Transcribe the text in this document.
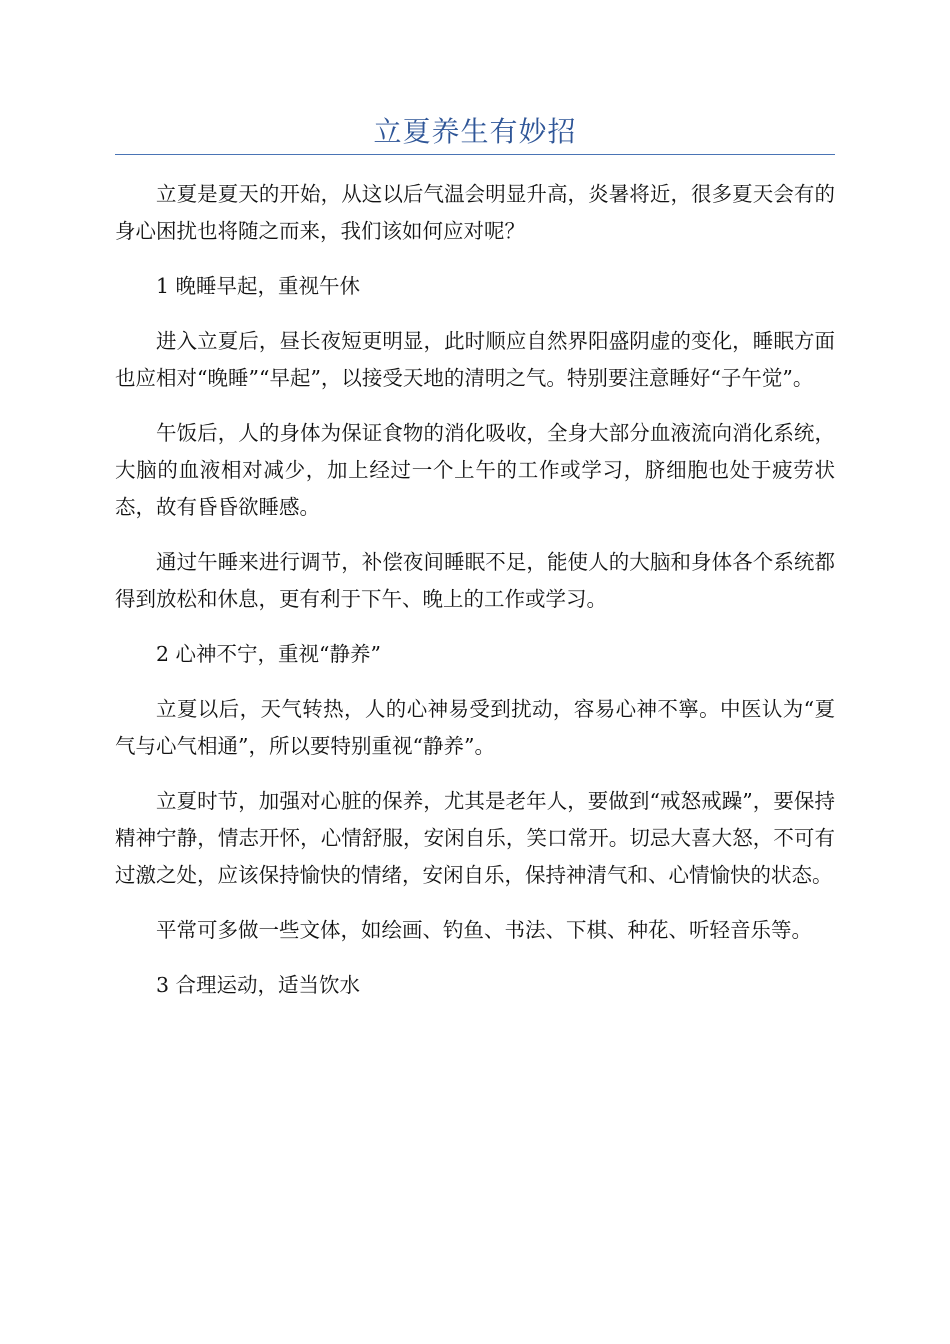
立夏养生有妙招

立夏是夏天的开始，从这以后气温会明显升高，炎暑将近，很多夏天会有的身心困扰也将随之而来，我们该如何应对呢？

1 晚睡早起，重视午休

进入立夏后，昼长夜短更明显，此时顺应自然界阳盛阴虚的变化，睡眠方面也应相对“晚睡”“早起”，以接受天地的清明之气。特别要注意睡好“子午觉”。

午饭后，人的身体为保证食物的消化吸收，全身大部分血液流向消化系统，大脑的血液相对减少，加上经过一个上午的工作或学习，脐细胞也处于疲劳状态，故有昏昏欲睡感。

通过午睡来进行调节，补偿夜间睡眠不足，能使人的大脑和身体各个系统都得到放松和休息，更有利于下午、晚上的工作或学习。

2 心神不宁，重视“静养”

立夏以后，天气转热，人的心神易受到扰动，容易心神不寧。中医认为“夏气与心气相通”，所以要特别重视“静养”。

立夏时节，加强对心脏的保养，尤其是老年人，要做到“戒怒戒躁”，要保持精神宁静，情志开怀，心情舒服，安闲自乐，笑口常开。切忌大喜大怒，不可有过激之处，应该保持愉快的情绪，安闲自乐，保持神清气和、心情愉快的状态。

平常可多做一些文体，如绘画、钓鱼、书法、下棋、种花、听轻音乐等。

3 合理运动，适当饮水
